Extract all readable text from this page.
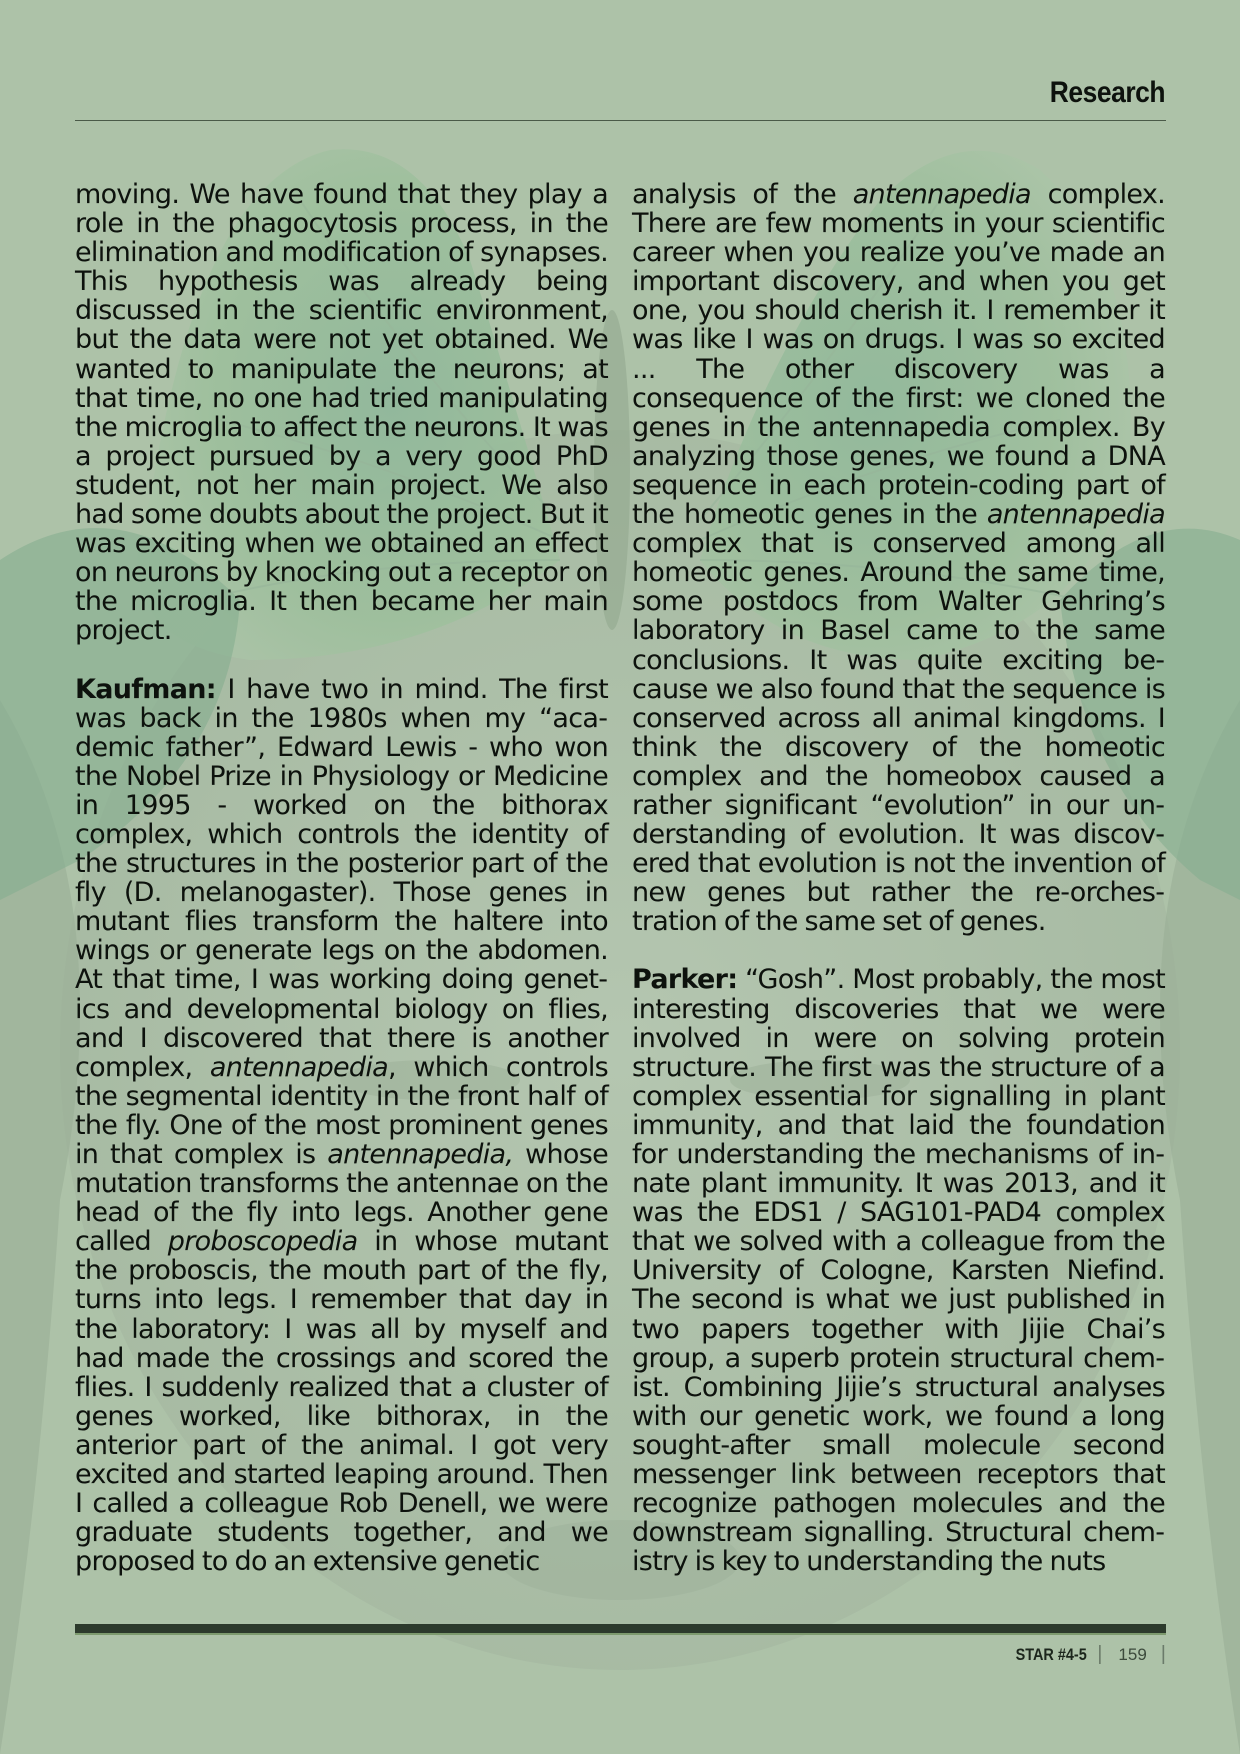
Research

moving. We have found that they play a role in the phagocytosis process, in the elimination and modification of synapses. This hypothesis was already being discussed in the scientific environment, but the data were not yet obtained. We wanted to manipulate the neurons; at that time, no one had tried manipulating the microglia to affect the neurons. It was a project pursued by a very good PhD student, not her main project. We also had some doubts about the project. But it was exciting when we obtained an effect on neurons by knocking out a receptor on the microglia. It then became her main project.

Kaufman: I have two in mind. The first was back in the 1980s when my “academic father”, Edward Lewis - who won the Nobel Prize in Physiology or Medicine in 1995 - worked on the bithorax complex, which controls the identity of the structures in the posterior part of the fly (D. melanogaster). Those genes in mutant flies transform the haltere into wings or generate legs on the abdomen. At that time, I was working doing genetics and developmental biology on flies, and I discovered that there is another complex, antennapedia, which controls the segmental identity in the front half of the fly. One of the most prominent genes in that complex is antennapedia, whose mutation transforms the antennae on the head of the fly into legs. Another gene called proboscopedia in whose mutant the proboscis, the mouth part of the fly, turns into legs. I remember that day in the laboratory: I was all by myself and had made the crossings and scored the flies. I suddenly realized that a cluster of genes worked, like bithorax, in the anterior part of the animal. I got very excited and started leaping around. Then I called a colleague Rob Denell, we were graduate students together, and we proposed to do an extensive genetic

analysis of the antennapedia complex. There are few moments in your scientific career when you realize you’ve made an important discovery, and when you get one, you should cherish it. I remember it was like I was on drugs. I was so excited ... The other discovery was a consequence of the first: we cloned the genes in the antennapedia complex. By analyzing those genes, we found a DNA sequence in each protein-coding part of the homeotic genes in the antennapedia complex that is conserved among all homeotic genes. Around the same time, some postdocs from Walter Gehring’s laboratory in Basel came to the same conclusions. It was quite exciting because we also found that the sequence is conserved across all animal kingdoms. I think the discovery of the homeotic complex and the homeobox caused a rather significant “evolution” in our understanding of evolution. It was discovered that evolution is not the invention of new genes but rather the re-orchestration of the same set of genes.

Parker: “Gosh”. Most probably, the most interesting discoveries that we were involved in were on solving protein structure. The first was the structure of a complex essential for signalling in plant immunity, and that laid the foundation for understanding the mechanisms of innate plant immunity. It was 2013, and it was the EDS1 / SAG101-PAD4 complex that we solved with a colleague from the University of Cologne, Karsten Niefind. The second is what we just published in two papers together with Jijie Chai’s group, a superb protein structural chemist. Combining Jijie’s structural analyses with our genetic work, we found a long sought-after small molecule second messenger link between receptors that recognize pathogen molecules and the downstream signalling. Structural chemistry is key to understanding the nuts

STAR #4-5 | 159 |
